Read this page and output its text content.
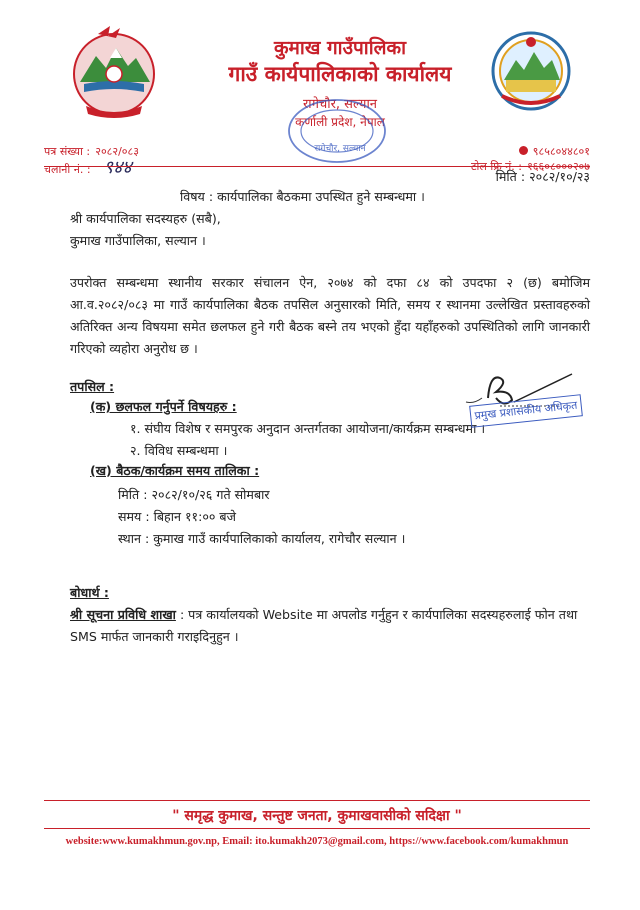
कुमाख गाउँपालिका
गाउँ कार्यपालिकाको कार्यालय
रागेचौर, सल्यान
कर्णाली प्रदेश, नेपाल
रागेचौर, सल्यान
पत्र संख्या : २०८२/०८३
चलानी नं. : ९४४
९८५८०४४८०१
टोल फ्रि नं. : १६६०८०००२०७
मिति : २०८२/१०/२३
विषय : कार्यपालिका बैठकमा उपस्थित हुने सम्बन्धमा ।
श्री कार्यपालिका सदस्यहरु (सबै),
कुमाख गाउँपालिका, सल्यान ।
उपरोक्त सम्बन्धमा स्थानीय सरकार संचालन ऐन, २०७४ को दफा ८४ को उपदफा २ (छ) बमोजिम
आ.व.२०८२/०८३ मा गाउँ कार्यपालिका बैठक तपसिल अनुसारको मिति, समय र स्थानमा उल्लेखित प्रस्तावहरुको
अतिरिक्त अन्य विषयमा समेत छलफल हुने गरी बैठक बस्ने तय भएको हुँदा यहाँहरुको उपस्थितिको लागि जानकारी
गरिएको व्यहोरा अनुरोध छ ।
तपसिल :
(क) छलफल गर्नुपर्ने विषयहरु :
१. संघीय विशेष र समपुरक अनुदान अन्तर्गतका आयोजना/कार्यक्रम सम्बन्धमा ।
२. विविध सम्बन्धमा ।
(ख) बैठक/कार्यक्रम समय तालिका :
मिति : २०८२/१०/२६ गते सोमबार
समय : बिहान ११:०० बजे
स्थान : कुमाख गाउँ कार्यपालिकाको कार्यालय, रागेचौर सल्यान ।
प्रमुख प्रशासकीय अधिकृत
बोधार्थ :
श्री सूचना प्रविधि शाखा : पत्र कार्यालयको Website मा अपलोड गर्नुहुन र कार्यपालिका सदस्यहरुलाई फोन तथा
SMS मार्फत जानकारी गराइदिनुहुन ।
" समृद्ध कुमाख, सन्तुष्ट जनता, कुमाखवासीको सदिक्षा "
website:www.kumakhmun.gov.np, Email: ito.kumakh2073@gmail.com, https://www.facebook.com/kumakhmun
